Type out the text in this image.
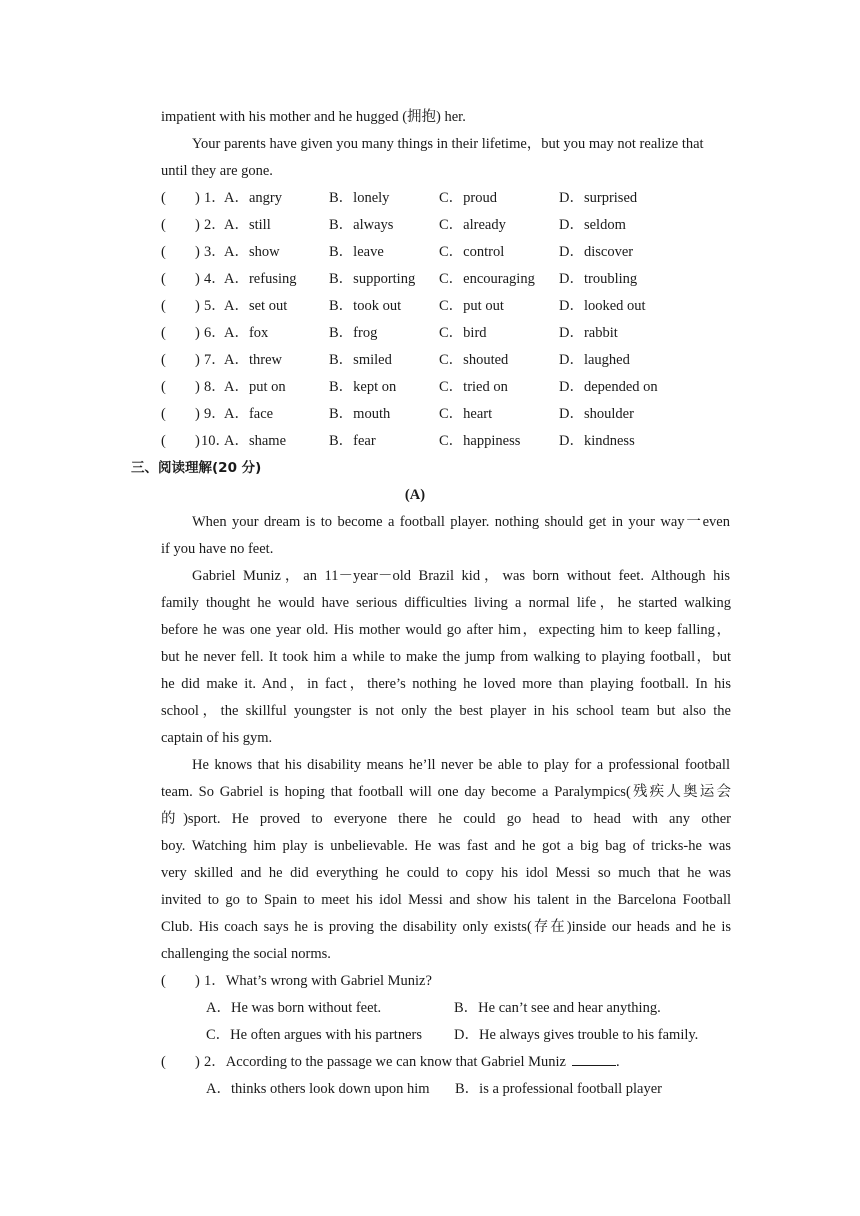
impatient with his mother and he hugged (拥抱) her.
Your parents have given you many things in their lifetime，but you may not realize that
until they are gone.
( ) 1．
A．angry	B．lonely	C．proud	D．surprised
( ) 2．
A．still	B．always	C．already	D．seldom
( ) 3．
A．show	B．leave	C．control	D．discover
( ) 4．
A．refusing B．supporting C．encouraging D．troubling
( ) 5．
A．set out	B．took out	C．put out	D．looked out
( ) 6．
A．fox	B．frog	C．bird	D．rabbit
( ) 7．
A．threw	B．smiled	C．shouted	D．laughed
( ) 8．
A．put on	B．kept on	C．tried on	D．depended on
( ) 9．
A．face	B．mouth	C．heart	D．shoulder
( ) 10．
A．shame	B．fear	C．happiness	D．kindness
三、阅读理解(20 分)
(A)
When your dream is to become a football player. nothing should get in your way一even
if you have no feet.
Gabriel Muniz，an 11－year－old Brazil kid，was born without feet. Although his
family thought he would have serious difficulties living a normal life，he started walking
before he was one year old. His mother would go after him，expecting him to keep falling，
but he never fell. It took him a while to make the jump from walking to playing football，but
he did make it. And，in fact，there’s nothing he loved more than playing football. In his
school，the skillful youngster is not only the best player in his school team but also the
captain of his gym.
He knows that his disability means he’ll never be able to play for a professional football
team. So Gabriel is hoping that football will one day become a Paralympics(残疾人奥运会
的)sport. He proved to everyone there he could go head to head with any other
boy. Watching him play is unbelievable. He was fast and he got a big bag of tricks-he was
very skilled and he did everything he could to copy his idol Messi so much that he was
invited to go to Spain to meet his idol Messi and show his talent in the Barcelona Football
Club. His coach says he is proving the disability only exists(存在)inside our heads and he is
challenging the social norms.
( ) 1．What’s wrong with Gabriel Muniz?
A．He was born without feet.	B．He can’t see and hear anything.
C．He often argues with his partners D．He always gives trouble to his family.
( ) 2．According to the passage we can know that Gabriel Muniz	.
A．thinks others look down upon him B．is a professional football player
